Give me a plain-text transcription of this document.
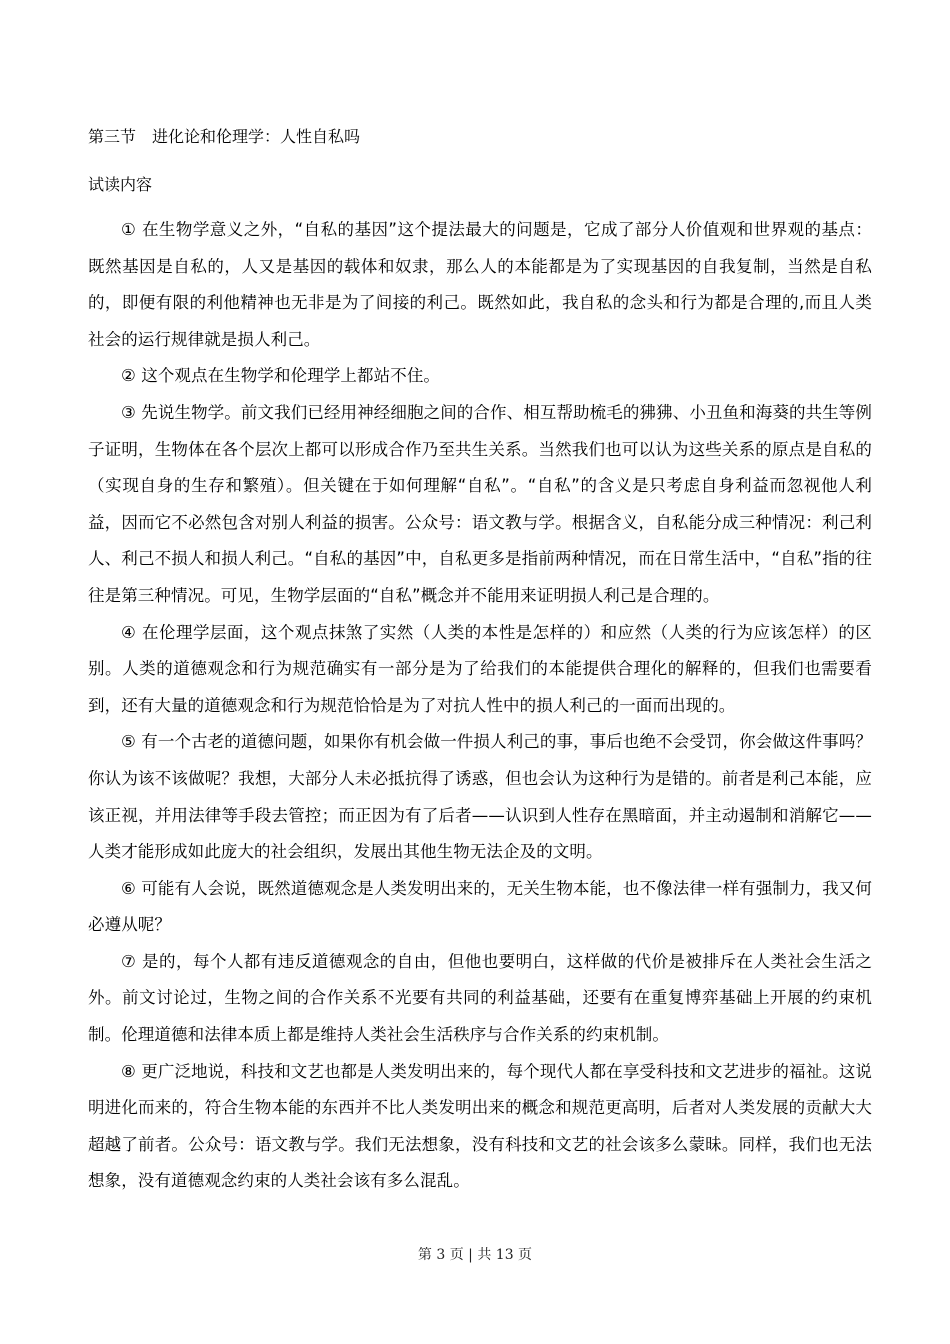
第三节　进化论和伦理学：人性自私吗
试读内容

① 在生物学意义之外，“自私的基因”这个提法最大的问题是，它成了部分人价值观和世界观的基点：既然基因是自私的，人又是基因的载体和奴隶，那么人的本能都是为了实现基因的自我复制，当然是自私的，即便有限的利他精神也无非是为了间接的利己。既然如此，我自私的念头和行为都是合理的,而且人类社会的运行规律就是损人利己。

② 这个观点在生物学和伦理学上都站不住。

③ 先说生物学。前文我们已经用神经细胞之间的合作、相互帮助梳毛的狒狒、小丑鱼和海葵的共生等例子证明，生物体在各个层次上都可以形成合作乃至共生关系。当然我们也可以认为这些关系的原点是自私的（实现自身的生存和繁殖）。但关键在于如何理解“自私”。“自私”的含义是只考虑自身利益而忽视他人利益，因而它不必然包含对别人利益的损害。公众号：语文教与学。根据含义，自私能分成三种情况：利己利人、利己不损人和损人利己。“自私的基因”中，自私更多是指前两种情况，而在日常生活中，“自私”指的往往是第三种情况。可见，生物学层面的“自私”概念并不能用来证明损人利己是合理的。

④ 在伦理学层面，这个观点抹煞了实然（人类的本性是怎样的）和应然（人类的行为应该怎样）的区别。人类的道德观念和行为规范确实有一部分是为了给我们的本能提供合理化的解释的，但我们也需要看到，还有大量的道德观念和行为规范恰恰是为了对抗人性中的损人利己的一面而出现的。

⑤ 有一个古老的道德问题，如果你有机会做一件损人利己的事，事后也绝不会受罚，你会做这件事吗？你认为该不该做呢？我想，大部分人未必抵抗得了诱惑，但也会认为这种行为是错的。前者是利己本能，应该正视，并用法律等手段去管控；而正因为有了后者——认识到人性存在黑暗面，并主动遏制和消解它——人类才能形成如此庞大的社会组织，发展出其他生物无法企及的文明。

⑥ 可能有人会说，既然道德观念是人类发明出来的，无关生物本能，也不像法律一样有强制力，我又何必遵从呢？

⑦ 是的，每个人都有违反道德观念的自由，但他也要明白，这样做的代价是被排斥在人类社会生活之外。前文讨论过，生物之间的合作关系不光要有共同的利益基础，还要有在重复博弈基础上开展的约束机制。伦理道德和法律本质上都是维持人类社会生活秩序与合作关系的约束机制。

⑧ 更广泛地说，科技和文艺也都是人类发明出来的，每个现代人都在享受科技和文艺进步的福祉。这说明进化而来的，符合生物本能的东西并不比人类发明出来的概念和规范更高明，后者对人类发展的贡献大大超越了前者。公众号：语文教与学。我们无法想象，没有科技和文艺的社会该多么蒙昧。同样，我们也无法想象，没有道德观念约束的人类社会该有多么混乱。

第 3 页 | 共 13 页
